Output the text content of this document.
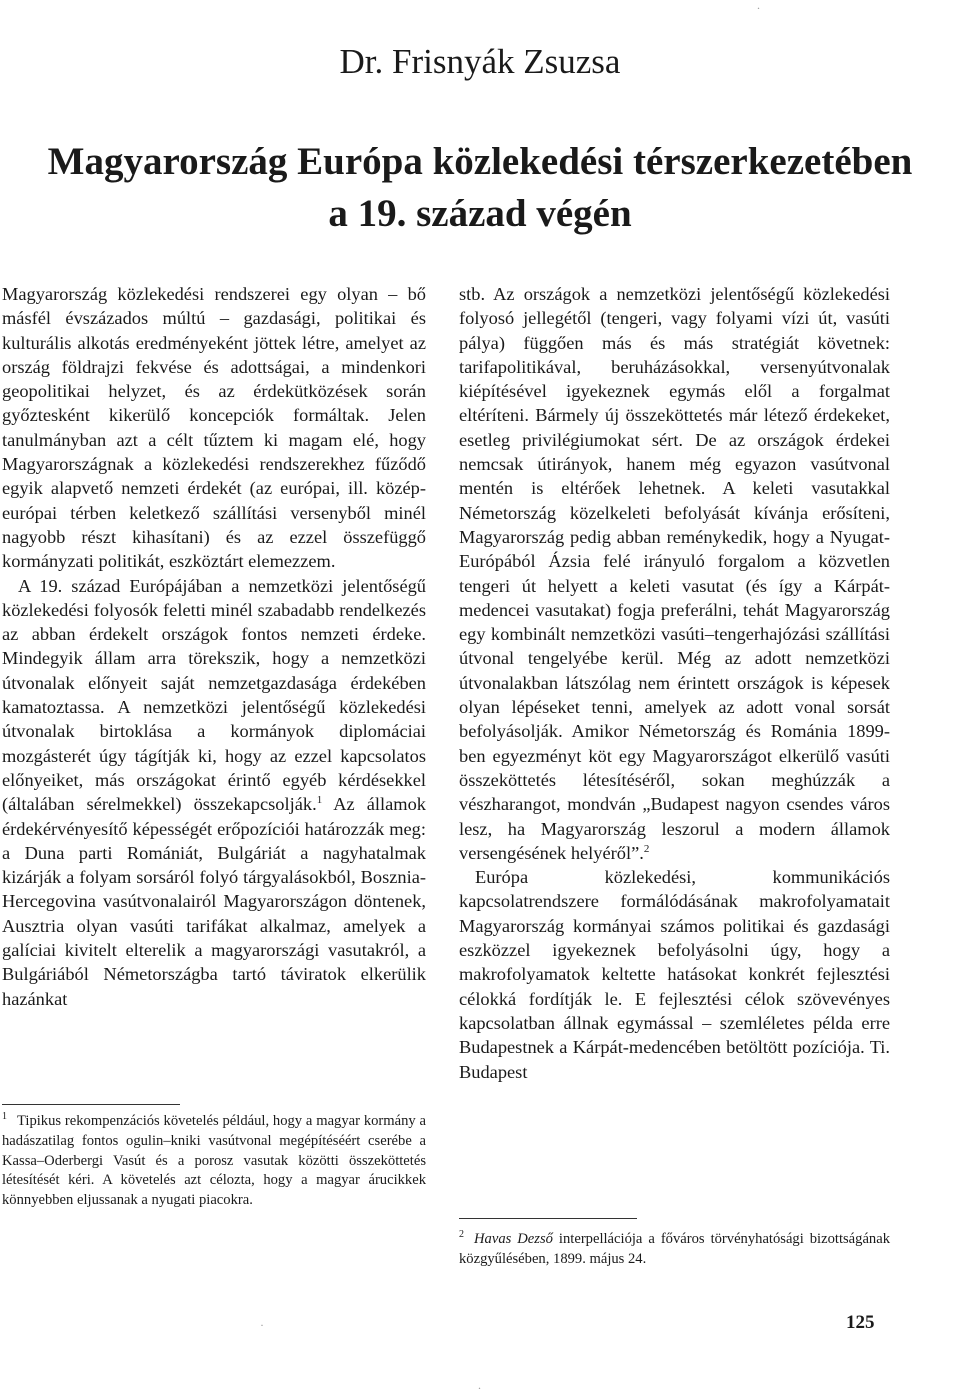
Dr. Frisnyák Zsuzsa
Magyarország Európa közlekedési térszerkezetében
a 19. század végén

Magyarország közlekedési rendszerei egy olyan – bő másfél évszázados múltú – gazdasági, politikai és kulturális alkotás eredményeként jöttek létre, amelyet az ország földrajzi fekvése és adottságai, a mindenkori geopolitikai helyzet, és az érdekütközések során győztesként kikerülő koncepciók formáltak. Jelen tanulmányban azt a célt tűztem ki magam elé, hogy Magyarországnak a közlekedési rendszerekhez fűződő egyik alapvető nemzeti érdekét (az európai, ill. közép-európai térben keletkező szállítási versenyből minél nagyobb részt kihasítani) és az ezzel összefüggő kormányzati politikát, eszköztárt elemezzem.

A 19. század Európájában a nemzetközi jelentőségű közlekedési folyosók feletti minél szabadabb rendelkezés az abban érdekelt országok fontos nemzeti érdeke. Mindegyik állam arra törekszik, hogy a nemzetközi útvonalak előnyeit saját nemzetgazdasága érdekében kamatoztassa. A nemzetközi jelentőségű közlekedési útvonalak birtoklása a kormányok diplomáciai mozgásterét úgy tágítják ki, hogy az ezzel kapcsolatos előnyeiket, más országokat érintő egyéb kérdésekkel (általában sérelmekkel) összekapcsolják.$^1$ Az államok érdekérvényesítő képességét erőpozíciói határozzák meg: a Duna parti Romániát, Bulgáriát a nagyhatalmak kizárják a folyam sorsáról folyó tárgyalásokból, Bosznia-Hercegovina vasútvonalairól Magyarországon döntenek, Ausztria olyan vasúti tarifákat alkalmaz, amelyek a galíciai kivitelt elterelik a magyarországi vasutakról, a Bulgáriából Németországba tartó táviratok elkerülik hazánkat

stb. Az országok a nemzetközi jelentőségű közlekedési folyosó jellegétől (tengeri, vagy folyami vízi út, vasúti pálya) függően más és más stratégiát követnek: tarifapolitikával, beruházásokkal, versenyútvonalak kiépítésével igyekeznek egymás elől a forgalmat eltéríteni. Bármely új összeköttetés már létező érdekeket, esetleg privilégiumokat sért. De az országok érdekei nemcsak útirányok, hanem még egyazon vasútvonal mentén is eltérőek lehetnek. A keleti vasutakkal Németország közelkeleti befolyását kívánja erősíteni, Magyarország pedig abban reménykedik, hogy a Nyugat-Európából Ázsia felé irányuló forgalom a közvetlen tengeri út helyett a keleti vasutat (és így a Kárpát-medencei vasutakat) fogja preferálni, tehát Magyarország egy kombinált nemzetközi vasúti–tengerhajózási szállítási útvonal tengelyébe kerül. Még az adott nemzetközi útvonalakban látszólag nem érintett országok is képesek olyan lépéseket tenni, amelyek az adott vonal sorsát befolyásolják. Amikor Németország és Románia 1899-ben egyezményt köt egy Magyarországot elkerülő vasúti összeköttetés létesítéséről, sokan meghúzzák a vészharangot, mondván „Budapest nagyon csendes város lesz, ha Magyarország leszorul a modern államok versengésének helyéről”.$^2$

Európa közlekedési, kommunikációs kapcsolatrendszere formálódásának makrofolyamatait Magyarország kormányai számos politikai és gazdasági eszközzel igyekeznek befolyásolni úgy, hogy a makrofolyamatok keltette hatásokat konkrét fejlesztési célokká fordítják le. E fejlesztési célok szövevényes kapcsolatban állnak egymással – szemléletes példa erre Budapestnek a Kárpát-medencében betöltött pozíciója. Ti. Budapest

$^1$ Tipikus rekompenzációs követelés például, hogy a magyar kormány a hadászatilag fontos ogulin–kniki vasútvonal megépítéséért cserébe a Kassa–Oderbergi Vasút és a porosz vasutak közötti összeköttetés létesítését kéri. A követelés azt célozta, hogy a magyar árucikkek könnyebben eljussanak a nyugati piacokra.
$^2$ Havas Dezső interpellációja a főváros törvényhatósági bizottságának közgyűlésében, 1899. május 24.
125
.
·
.
